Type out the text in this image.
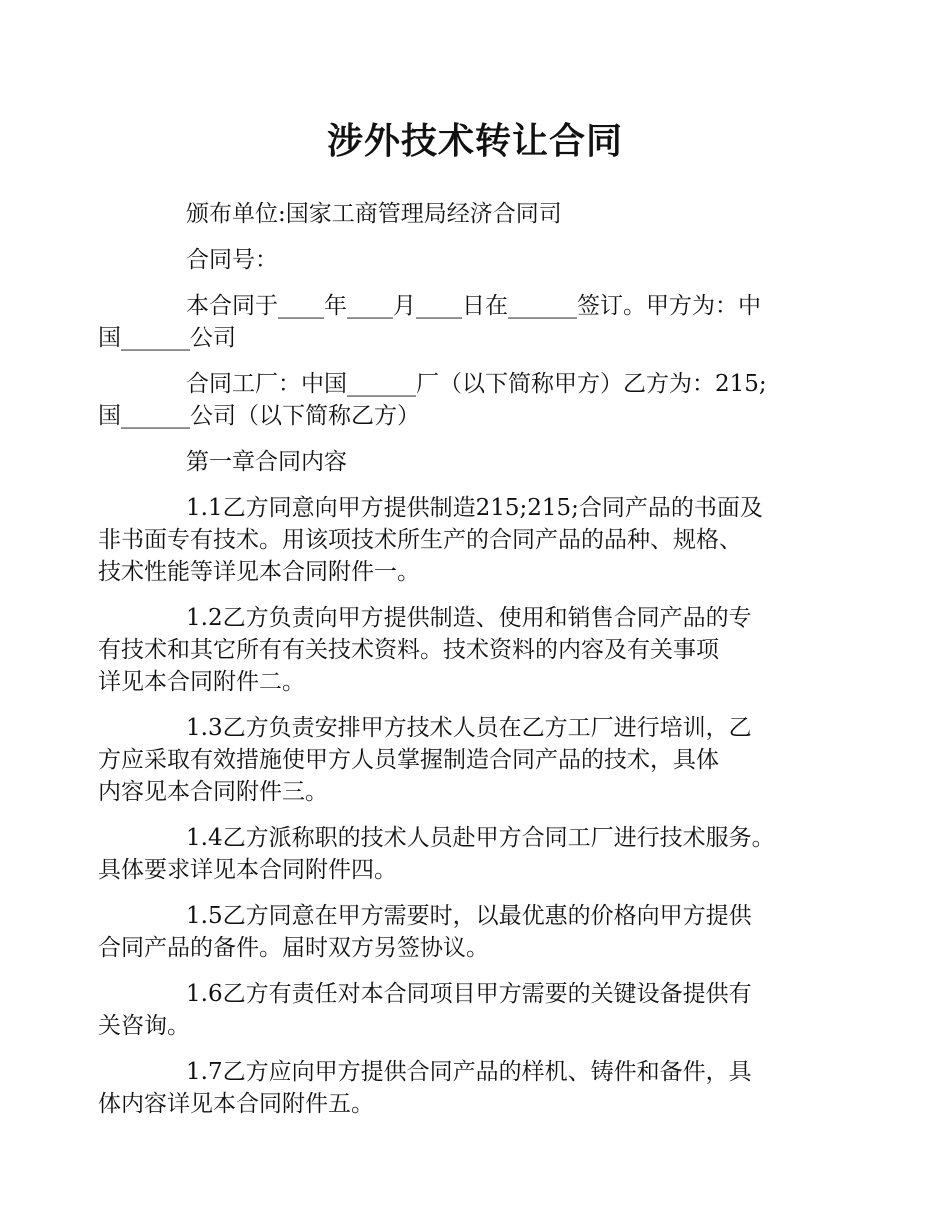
涉外技术转让合同

颁布单位:国家工商管理局经济合同司

合同号：

本合同于____年____月____日在______签订。甲方为：中
国______公司

合同工厂：中国______厂（以下简称甲方）乙方为：215;
国______公司（以下简称乙方）

第一章合同内容

1.1乙方同意向甲方提供制造215;215;合同产品的书面及
非书面专有技术。用该项技术所生产的合同产品的品种、规格、
技术性能等详见本合同附件一。

1.2乙方负责向甲方提供制造、使用和销售合同产品的专
有技术和其它所有有关技术资料。技术资料的内容及有关事项
详见本合同附件二。

1.3乙方负责安排甲方技术人员在乙方工厂进行培训，乙
方应采取有效措施使甲方人员掌握制造合同产品的技术，具体
内容见本合同附件三。

1.4乙方派称职的技术人员赴甲方合同工厂进行技术服务。
具体要求详见本合同附件四。

1.5乙方同意在甲方需要时，以最优惠的价格向甲方提供
合同产品的备件。届时双方另签协议。

1.6乙方有责任对本合同项目甲方需要的关键设备提供有
关咨询。

1.7乙方应向甲方提供合同产品的样机、铸件和备件，具
体内容详见本合同附件五。
